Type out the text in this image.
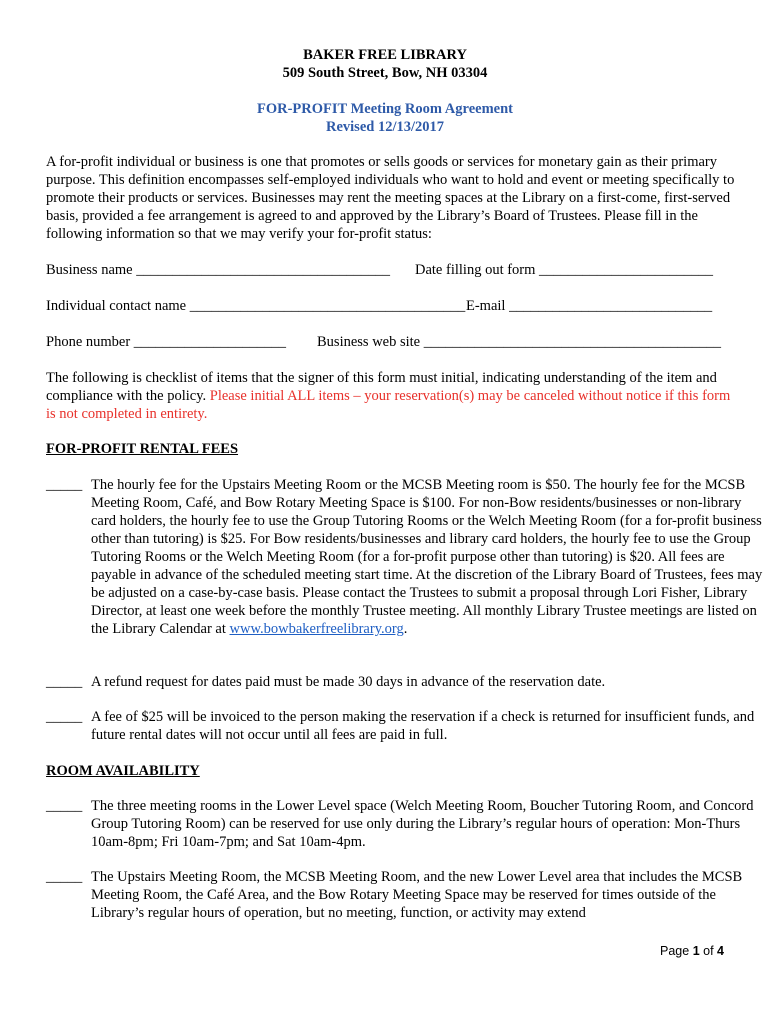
BAKER FREE LIBRARY
509 South Street, Bow, NH 03304
FOR-PROFIT Meeting Room Agreement
Revised 12/13/2017
A for-profit individual or business is one that promotes or sells goods or services for monetary gain as their primary purpose. This definition encompasses self-employed individuals who want to hold and event or meeting specifically to promote their products or services. Businesses may rent the meeting spaces at the Library on a first-come, first-served basis, provided a fee arrangement is agreed to and approved by the Library’s Board of Trustees. Please fill in the following information so that we may verify your for-profit status:
Business name ___________________________________ Date filling out form ________________________
Individual contact name ______________________________________ E-mail ____________________________
Phone number _____________________ Business web site _________________________________________
The following is checklist of items that the signer of this form must initial, indicating understanding of the item and compliance with the policy. Please initial ALL items – your reservation(s) may be canceled without notice if this form is not completed in entirety.
FOR-PROFIT RENTAL FEES
_____ The hourly fee for the Upstairs Meeting Room or the MCSB Meeting room is $50. The hourly fee for the MCSB Meeting Room, Café, and Bow Rotary Meeting Space is $100. For non-Bow residents/businesses or non-library card holders, the hourly fee to use the Group Tutoring Rooms or the Welch Meeting Room (for a for-profit business other than tutoring) is $25. For Bow residents/businesses and library card holders, the hourly fee to use the Group Tutoring Rooms or the Welch Meeting Room (for a for-profit purpose other than tutoring) is $20. All fees are payable in advance of the scheduled meeting start time. At the discretion of the Library Board of Trustees, fees may be adjusted on a case-by-case basis. Please contact the Trustees to submit a proposal through Lori Fisher, Library Director, at least one week before the monthly Trustee meeting. All monthly Library Trustee meetings are listed on the Library Calendar at www.bowbakerfreelibrary.org.
_____ A refund request for dates paid must be made 30 days in advance of the reservation date.
_____ A fee of $25 will be invoiced to the person making the reservation if a check is returned for insufficient funds, and future rental dates will not occur until all fees are paid in full.
ROOM AVAILABILITY
_____ The three meeting rooms in the Lower Level space (Welch Meeting Room, Boucher Tutoring Room, and Concord Group Tutoring Room) can be reserved for use only during the Library’s regular hours of operation: Mon-Thurs 10am-8pm; Fri 10am-7pm; and Sat 10am-4pm.
_____ The Upstairs Meeting Room, the MCSB Meeting Room, and the new Lower Level area that includes the MCSB Meeting Room, the Café Area, and the Bow Rotary Meeting Space may be reserved for times outside of the Library’s regular hours of operation, but no meeting, function, or activity may extend
Page 1 of 4
